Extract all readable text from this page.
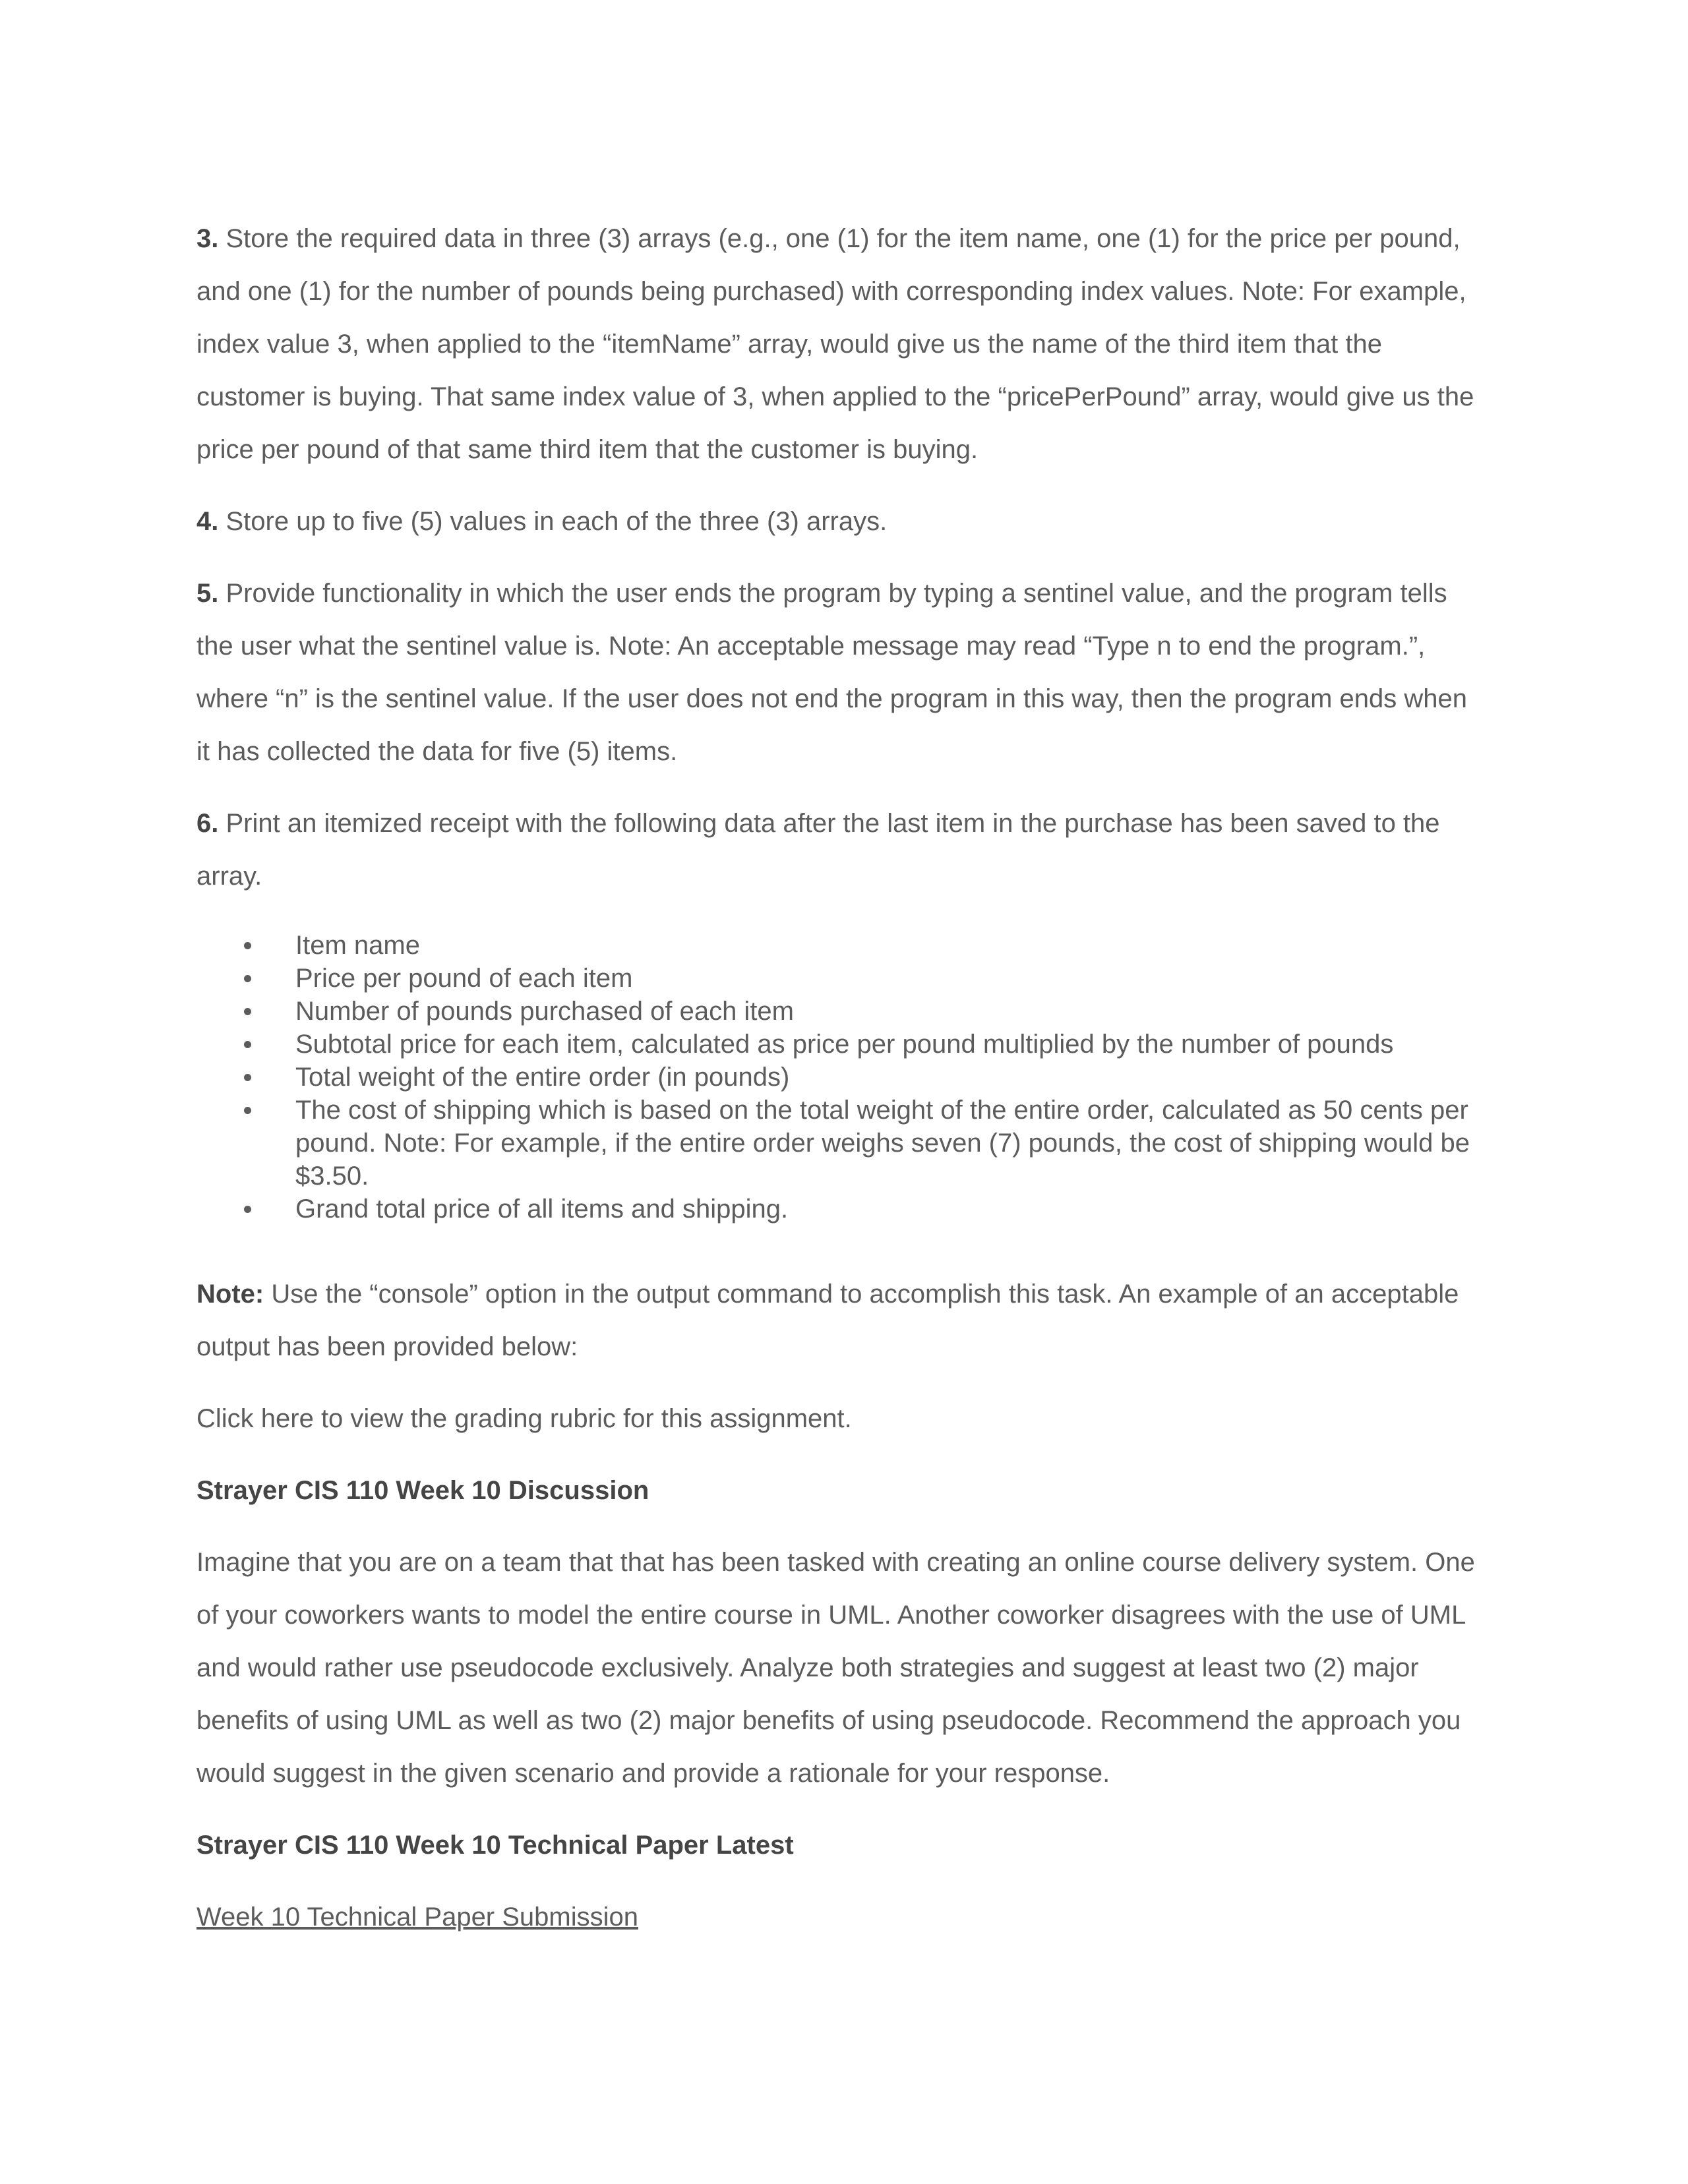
3. Store the required data in three (3) arrays (e.g., one (1) for the item name, one (1) for the price per pound, and one (1) for the number of pounds being purchased) with corresponding index values. Note: For example, index value 3, when applied to the “itemName” array, would give us the name of the third item that the customer is buying. That same index value of 3, when applied to the “pricePerPound” array, would give us the price per pound of that same third item that the customer is buying.

4. Store up to five (5) values in each of the three (3) arrays.

5. Provide functionality in which the user ends the program by typing a sentinel value, and the program tells the user what the sentinel value is. Note: An acceptable message may read “Type n to end the program.”, where “n” is the sentinel value. If the user does not end the program in this way, then the program ends when it has collected the data for five (5) items.

6. Print an itemized receipt with the following data after the last item in the purchase has been saved to the array.

Item name
Price per pound of each item
Number of pounds purchased of each item
Subtotal price for each item, calculated as price per pound multiplied by the number of pounds
Total weight of the entire order (in pounds)
The cost of shipping which is based on the total weight of the entire order, calculated as 50 cents per pound. Note: For example, if the entire order weighs seven (7) pounds, the cost of shipping would be $3.50.
Grand total price of all items and shipping.

Note: Use the “console” option in the output command to accomplish this task. An example of an acceptable output has been provided below:

Click here to view the grading rubric for this assignment.

Strayer CIS 110 Week 10 Discussion

Imagine that you are on a team that that has been tasked with creating an online course delivery system. One of your coworkers wants to model the entire course in UML. Another coworker disagrees with the use of UML and would rather use pseudocode exclusively. Analyze both strategies and suggest at least two (2) major benefits of using UML as well as two (2) major benefits of using pseudocode. Recommend the approach you would suggest in the given scenario and provide a rationale for your response.

Strayer CIS 110 Week 10 Technical Paper Latest

Week 10 Technical Paper Submission
